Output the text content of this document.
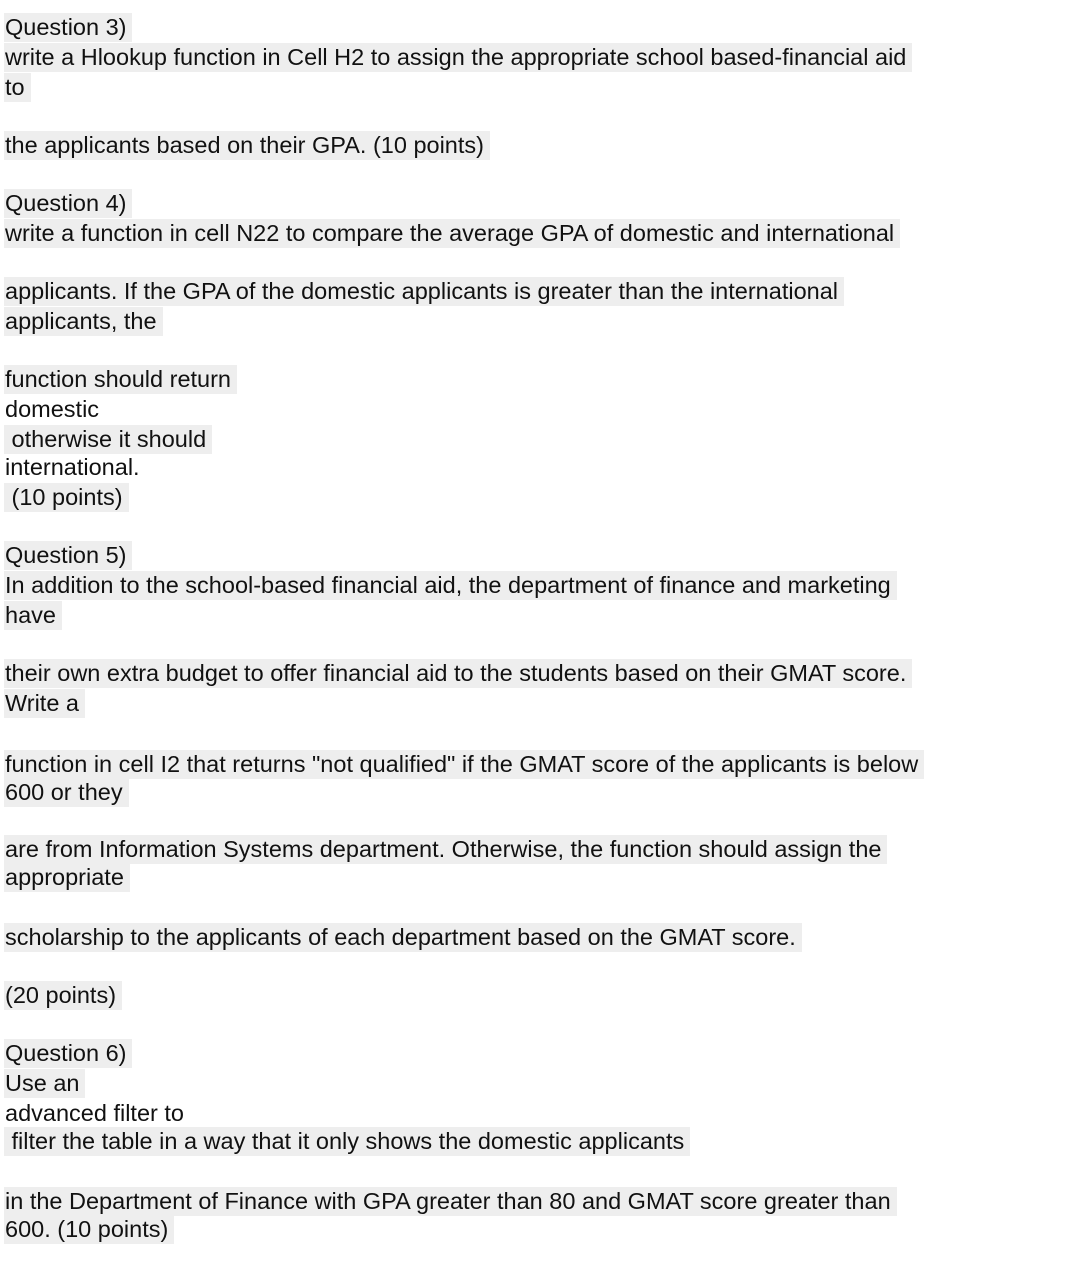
Question 3)
write a Hlookup function in Cell H2 to assign the appropriate school based-financial aid
to
the applicants based on their GPA. (10 points)
Question 4)
write a function in cell N22 to compare the average GPA of domestic and international
applicants. If the GPA of the domestic applicants is greater than the international
applicants, the
function should return
domestic
otherwise it should
international.
(10 points)
Question 5)
In addition to the school-based financial aid, the department of finance and marketing
have
their own extra budget to offer financial aid to the students based on their GMAT score.
Write a
function in cell I2 that returns "not qualified" if the GMAT score of the applicants is below
600 or they
are from Information Systems department. Otherwise, the function should assign the
appropriate
scholarship to the applicants of each department based on the GMAT score.
(20 points)
Question 6)
Use an
advanced filter to
filter the table in a way that it only shows the domestic applicants
in the Department of Finance with GPA greater than 80 and GMAT score greater than
600. (10 points)
